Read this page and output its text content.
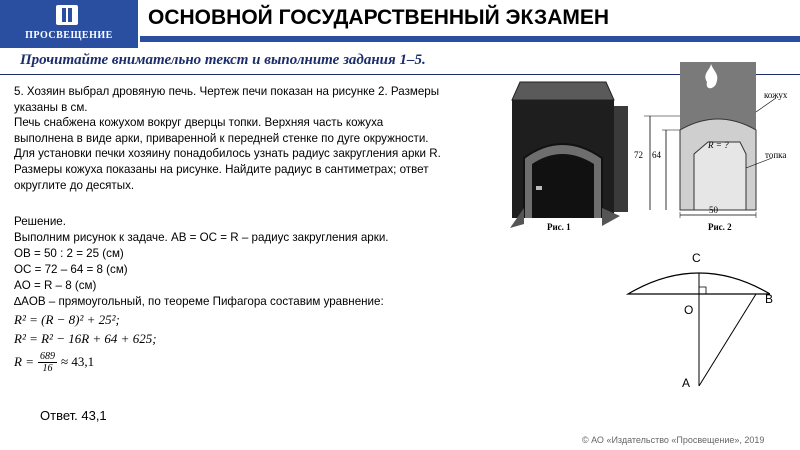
ПРОСВЕЩЕНИЕ
ОСНОВНОЙ ГОСУДАРСТВЕННЫЙ ЭКЗАМЕН
Прочитайте внимательно текст и выполните задания 1–5.
5. Хозяин выбрал дровяную печь. Чертеж печи показан на рисунке 2. Размеры
указаны в см.
Печь снабжена кожухом вокруг дверцы топки. Верхняя часть кожуха
выполнена в виде арки, приваренной к передней стенке по дуге окружности.
Для установки печки хозяину понадобилось узнать радиус закругления арки R.
Размеры кожуха показаны на рисунке. Найдите радиус в сантиметрах; ответ
округлите до десятых.
Решение.
Выполним рисунок к задаче. AB = OC = R – радиус закругления арки.
OB = 50 : 2 = 25 (см)
OC = 72 – 64 = 8 (см)
AO = R – 8 (см)
∆AOB – прямоугольный, по теореме Пифагора составим уравнение:
R² = (R − 8)² + 25²;
R² = R² − 16R + 64 + 625;
$R = \frac{689}{16} \approx 43,1$
Ответ. 43,1
© АО «Издательство «Просвещение», 2019
Рис. 1
72 64
50
R = ?
кожух
топка
Рис. 2
C
O
B
A
